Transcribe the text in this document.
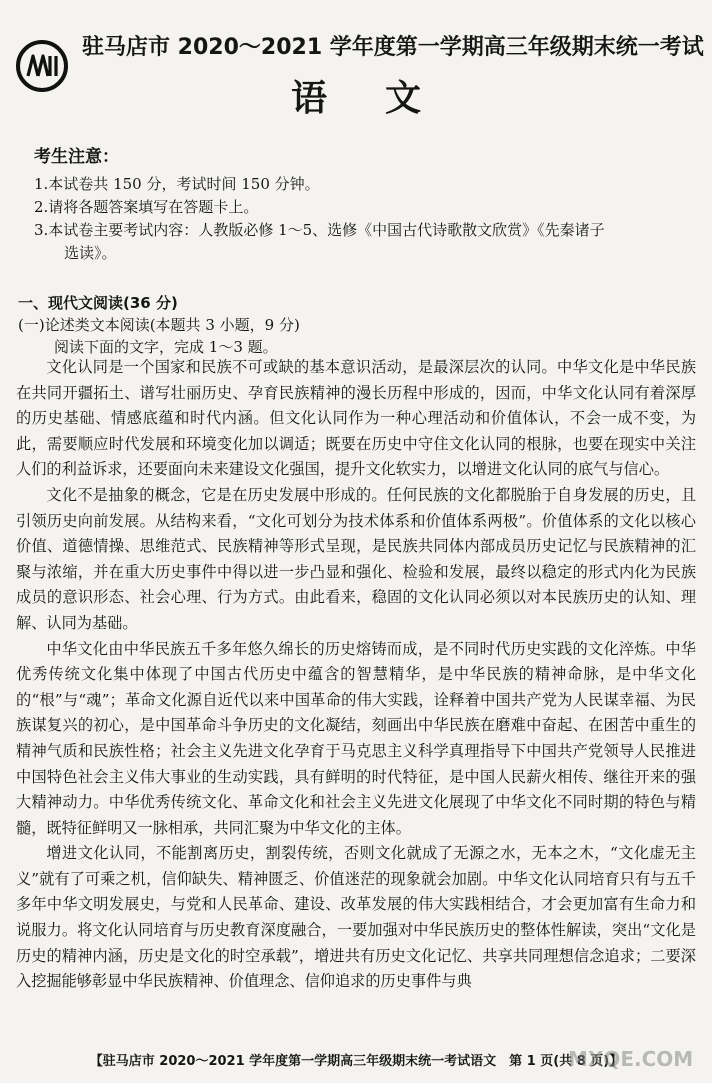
驻马店市 2020～2021 学年度第一学期高三年级期末统一考试
语文
考生注意：

1.本试卷共 150 分，考试时间 150 分钟。

2.请将各题答案填写在答题卡上。

3.本试卷主要考试内容：人教版必修 1～5、选修《中国古代诗歌散文欣赏》《先秦诸子

选读》。

一、现代文阅读(36 分)
(一)论述类文本阅读(本题共 3 小题，9 分)
阅读下面的文字，完成 1～3 题。

文化认同是一个国家和民族不可或缺的基本意识活动，是最深层次的认同。中华文化是中华民族在共同开疆拓土、谱写壮丽历史、孕育民族精神的漫长历程中形成的，因而，中华文化认同有着深厚的历史基础、情感底蕴和时代内涵。但文化认同作为一种心理活动和价值体认，不会一成不变，为此，需要顺应时代发展和环境变化加以调适；既要在历史中守住文化认同的根脉，也要在现实中关注人们的利益诉求，还要面向未来建设文化强国，提升文化软实力，以增进文化认同的底气与信心。

文化不是抽象的概念，它是在历史发展中形成的。任何民族的文化都脱胎于自身发展的历史，且引领历史向前发展。从结构来看，“文化可划分为技术体系和价值体系两极”。价值体系的文化以核心价值、道德情操、思维范式、民族精神等形式呈现，是民族共同体内部成员历史记忆与民族精神的汇聚与浓缩，并在重大历史事件中得以进一步凸显和强化、检验和发展，最终以稳定的形式内化为民族成员的意识形态、社会心理、行为方式。由此看来，稳固的文化认同必须以对本民族历史的认知、理解、认同为基础。

中华文化由中华民族五千多年悠久绵长的历史熔铸而成，是不同时代历史实践的文化淬炼。中华优秀传统文化集中体现了中国古代历史中蕴含的智慧精华，是中华民族的精神命脉，是中华文化的“根”与“魂”；革命文化源自近代以来中国革命的伟大实践，诠释着中国共产党为人民谋幸福、为民族谋复兴的初心，是中国革命斗争历史的文化凝结，刻画出中华民族在磨难中奋起、在困苦中重生的精神气质和民族性格；社会主义先进文化孕育于马克思主义科学真理指导下中国共产党领导人民推进中国特色社会主义伟大事业的生动实践，具有鲜明的时代特征，是中国人民薪火相传、继往开来的强大精神动力。中华优秀传统文化、革命文化和社会主义先进文化展现了中华文化不同时期的特色与精髓，既特征鲜明又一脉相承，共同汇聚为中华文化的主体。

增进文化认同，不能割离历史，割裂传统，否则文化就成了无源之水，无本之木，“文化虚无主义”就有了可乘之机，信仰缺失、精神匮乏、价值迷茫的现象就会加剧。中华文化认同培育只有与五千多年中华文明发展史，与党和人民革命、建设、改革发展的伟大实践相结合，才会更加富有生命力和说服力。将文化认同培育与历史教育深度融合，一要加强对中华民族历史的整体性解读，突出“文化是历史的精神内涵，历史是文化的时空承载”，增进共有历史文化记忆、共享共同理想信念追求；二要深入挖掘能够彰显中华民族精神、价值理念、信仰追求的历史事件与典

【驻马店市 2020～2021 学年度第一学期高三年级期末统一考试语文　第 1 页(共 8 页)】
MXQE.COM
